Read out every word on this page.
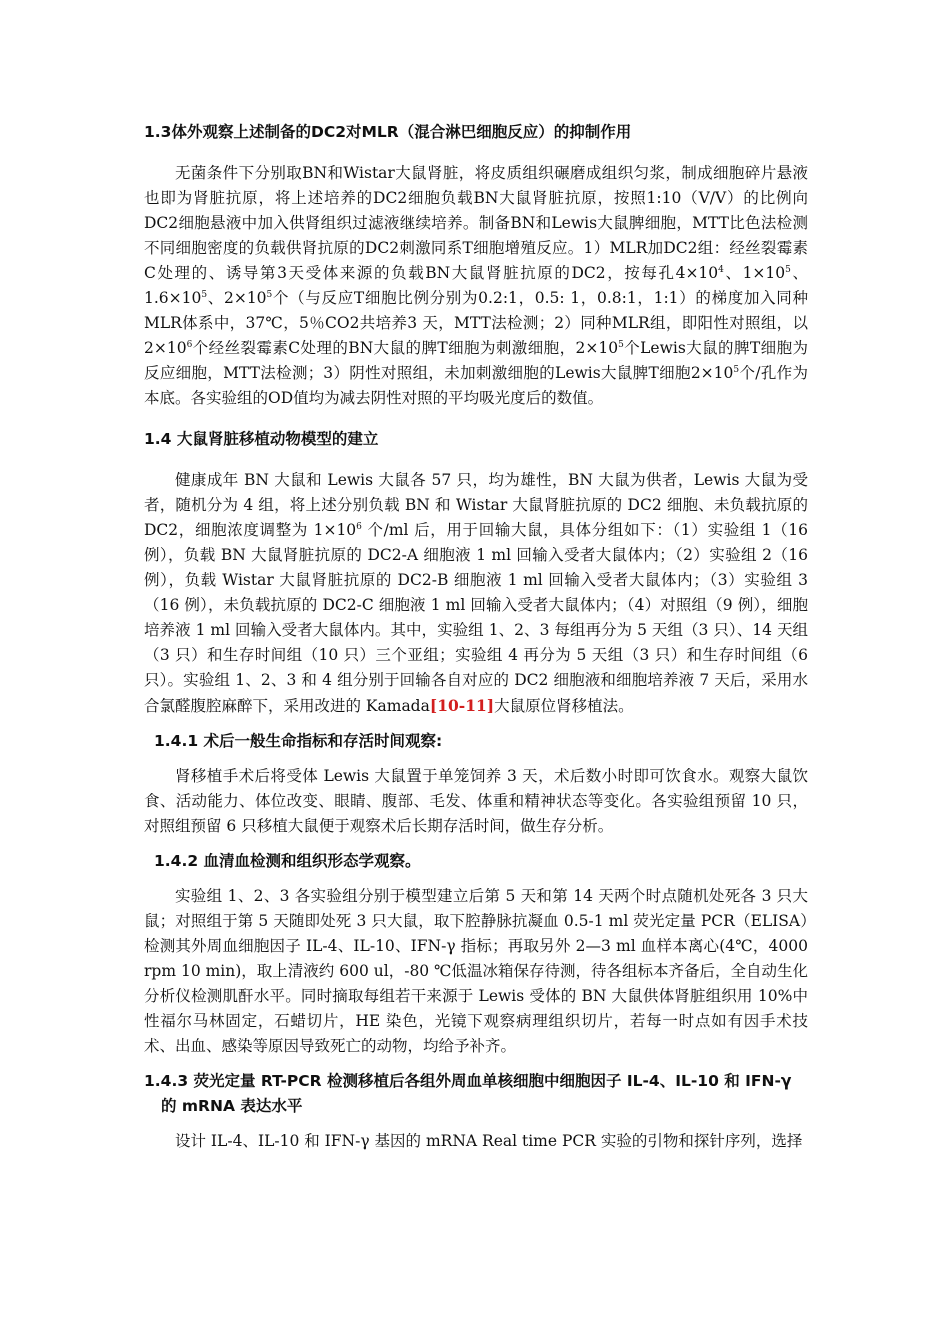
1.3体外观察上述制备的DC2对MLR（混合淋巴细胞反应）的抑制作用

无菌条件下分别取BN和Wistar大鼠肾脏，将皮质组织碾磨成组织匀浆，制成细胞碎片悬液也即为肾脏抗原，将上述培养的DC2细胞负载BN大鼠肾脏抗原，按照1:10（V/V）的比例向DC2细胞悬液中加入供肾组织过滤液继续培养。制备BN和Lewis大鼠脾细胞，MTT比色法检测不同细胞密度的负载供肾抗原的DC2刺激同系T细胞增殖反应。1）MLR加DC2组：经丝裂霉素C处理的、诱导第3天受体来源的负载BN大鼠肾脏抗原的DC2，按每孔$4\times 10^4$、$1\times 10^5$、$1.6\times 10^5$、$2\times 10^5$个（与反应T细胞比例分别为0.2:1，0.5: 1，0.8:1，1:1）的梯度加入同种MLR体系中，37℃，5％CO2共培养3 天，MTT法检测；2）同种MLR组，即阳性对照组，以$2\times 10^6$个经丝裂霉素C处理的BN大鼠的脾T细胞为刺激细胞，$2\times 10^5$个Lewis大鼠的脾T细胞为反应细胞，MTT法检测；3）阴性对照组，未加刺激细胞的Lewis大鼠脾T细胞$2\times 10^5$个/孔作为本底。各实验组的OD值均为减去阴性对照的平均吸光度后的数值。

1.4 大鼠肾脏移植动物模型的建立

健康成年 BN 大鼠和 Lewis 大鼠各 57 只，均为雄性，BN 大鼠为供者，Lewis 大鼠为受者，随机分为 4 组，将上述分别负载 BN 和 Wistar 大鼠肾脏抗原的 DC2 细胞、未负载抗原的 DC2，细胞浓度调整为 $1\times 10^6$ 个/ml 后，用于回输大鼠，具体分组如下：（1）实验组 1（16 例），负载 BN 大鼠肾脏抗原的 DC2-A 细胞液 1 ml 回输入受者大鼠体内；（2）实验组 2（16 例），负载 Wistar 大鼠肾脏抗原的 DC2-B 细胞液 1 ml 回输入受者大鼠体内；（3）实验组 3（16 例），未负载抗原的 DC2-C 细胞液 1 ml 回输入受者大鼠体内；（4）对照组（9 例），细胞培养液 1 ml 回输入受者大鼠体内。其中，实验组 1、2、3 每组再分为 5 天组（3 只）、14 天组（3 只）和生存时间组（10 只）三个亚组；实验组 4 再分为 5 天组（3 只）和生存时间组（6 只）。实验组 1、2、3 和 4 组分别于回输各自对应的 DC2 细胞液和细胞培养液 7 天后，采用水合氯醛腹腔麻醉下，采用改进的 Kamada[10-11]大鼠原位肾移植法。

1.4.1 术后一般生命指标和存活时间观察:

肾移植手术后将受体 Lewis 大鼠置于单笼饲养 3 天，术后数小时即可饮食水。观察大鼠饮食、活动能力、体位改变、眼睛、腹部、毛发、体重和精神状态等变化。各实验组预留 10 只，对照组预留 6 只移植大鼠便于观察术后长期存活时间，做生存分析。

1.4.2 血清血检测和组织形态学观察。

实验组 1、2、3 各实验组分别于模型建立后第 5 天和第 14 天两个时点随机处死各 3 只大鼠；对照组于第 5 天随即处死 3 只大鼠，取下腔静脉抗凝血 0.5-1 ml 荧光定量 PCR（ELISA）检测其外周血细胞因子 IL-4、IL-10、IFN-γ 指标；再取另外 2—3 ml 血样本离心(4℃，4000 rpm 10 min)，取上清液约 600 ul，-80 ℃低温冰箱保存待测，待各组标本齐备后，全自动生化分析仪检测肌酐水平。同时摘取每组若干来源于 Lewis 受体的 BN 大鼠供体肾脏组织用 10%中性福尔马林固定，石蜡切片，HE 染色，光镜下观察病理组织切片，若每一时点如有因手术技术、出血、感染等原因导致死亡的动物，均给予补齐。

1.4.3 荧光定量 RT-PCR 检测移植后各组外周血单核细胞中细胞因子 IL-4、IL-10 和 IFN-γ 的 mRNA 表达水平

设计 IL-4、IL-10 和 IFN-γ 基因的 mRNA Real time PCR 实验的引物和探针序列，选择
